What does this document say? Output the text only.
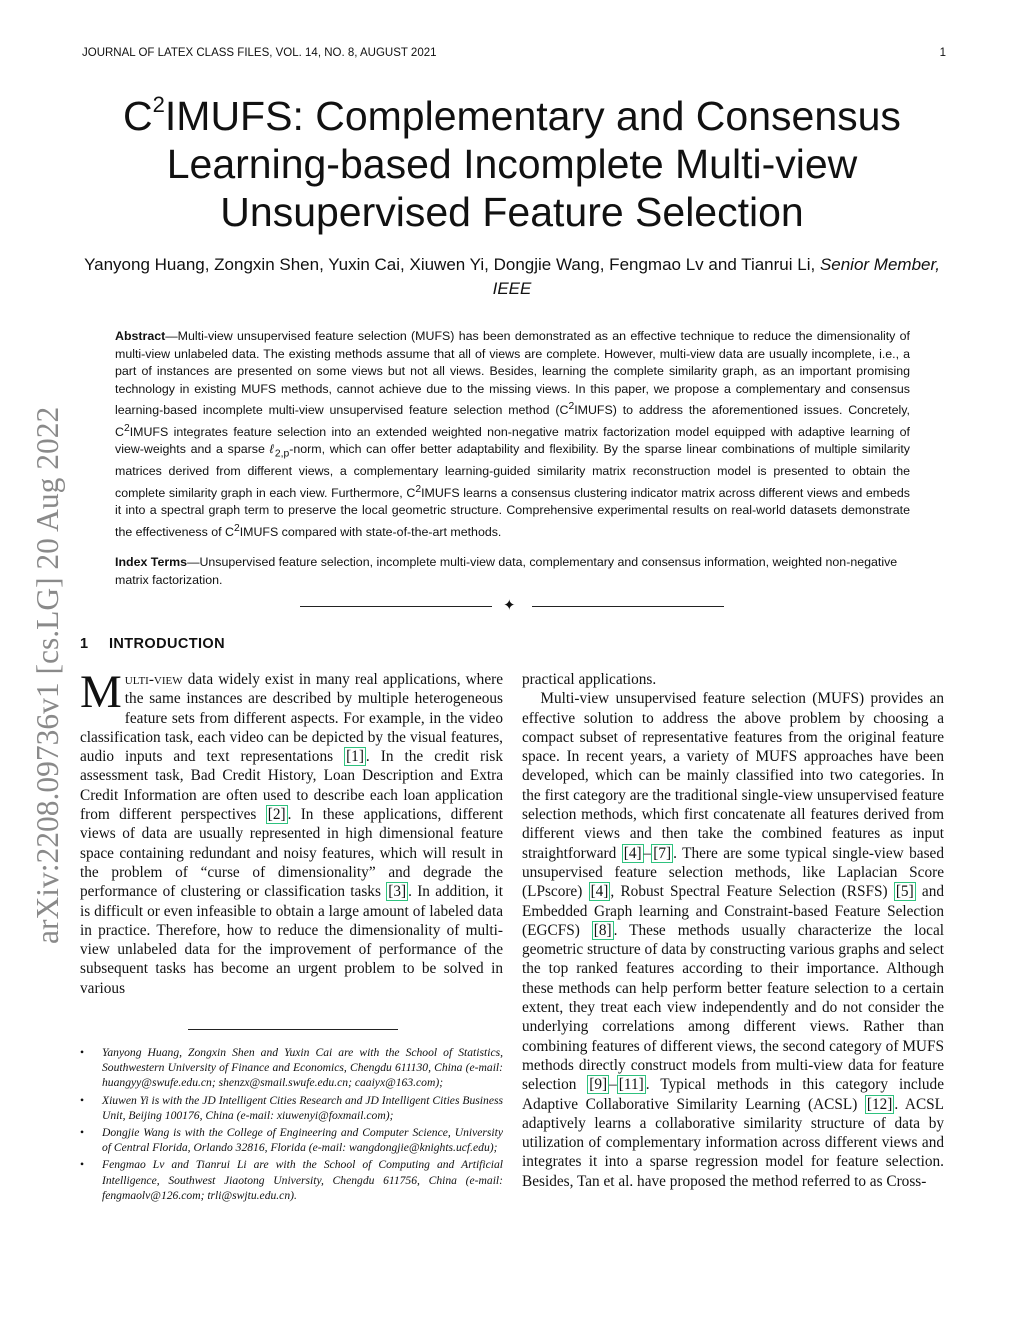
JOURNAL OF LATEX CLASS FILES, VOL. 14, NO. 8, AUGUST 2021	1
$C^2IMUFS$: Complementary and Consensus Learning-based Incomplete Multi-view Unsupervised Feature Selection
Yanyong Huang, Zongxin Shen, Yuxin Cai, Xiuwen Yi, Dongjie Wang, Fengmao Lv and Tianrui Li, Senior Member, IEEE

Abstract—Multi-view unsupervised feature selection (MUFS) has been demonstrated as an effective technique to reduce the dimensionality of multi-view unlabeled data. The existing methods assume that all of views are complete. However, multi-view data are usually incomplete, i.e., a part of instances are presented on some views but not all views. Besides, learning the complete similarity graph, as an important promising technology in existing MUFS methods, cannot achieve due to the missing views. In this paper, we propose a complementary and consensus learning-based incomplete multi-view unsupervised feature selection method $(C^2IMUFS)$ to address the aforementioned issues. Concretely, $C^2IMUFS$ integrates feature selection into an extended weighted non-negative matrix factorization model equipped with adaptive learning of view-weights and a sparse ℓ$_{2,p}$-norm, which can offer better adaptability and flexibility. By the sparse linear combinations of multiple similarity matrices derived from different views, a complementary learning-guided similarity matrix reconstruction model is presented to obtain the complete similarity graph in each view. Furthermore, $C^2IMUFS$ learns a consensus clustering indicator matrix across different views and embeds it into a spectral graph term to preserve the local geometric structure. Comprehensive experimental results on real-world datasets demonstrate the effectiveness of $C^2IMUFS$ compared with state-of-the-art methods.

Index Terms—Unsupervised feature selection, incomplete multi-view data, complementary and consensus information, weighted non-negative matrix factorization.

✦
1 INTRODUCTION

Multi-view data widely exist in many real applications, where the same instances are described by multiple heterogeneous feature sets from different aspects. For example, in the video classification task, each video can be depicted by the visual features, audio inputs and text representations [1] . In the credit risk assessment task, Bad Credit History, Loan Description and Extra Credit Information are often used to describe each loan application from different perspectives [2] . In these applications, different views of data are usually represented in high dimensional feature space containing redundant and noisy features, which will result in the problem of “curse of dimensionality” and degrade the performance of clustering or classification tasks [3] . In addition, it is difficult or even infeasible to obtain a large amount of labeled data in practice. Therefore, how to reduce the dimensionality of multi-view unlabeled data for the improvement of performance of the subsequent tasks has become an urgent problem to be solved in various

practical applications.

Multi-view unsupervised feature selection (MUFS) provides an effective solution to address the above problem by choosing a compact subset of representative features from the original feature space. In recent years, a variety of MUFS approaches have been developed, which can be mainly classified into two categories. In the first category are the traditional single-view unsupervised feature selection methods, which first concatenate all features derived from different views and then take the combined features as input straightforward [4] – [7] . There are some typical single-view based unsupervised feature selection methods, like Laplacian Score (LPscore) [4] , Robust Spectral Feature Selection (RSFS) [5] and Embedded Graph learning and Constraint-based Feature Selection (EGCFS) [8] . These methods usually characterize the local geometric structure of data by constructing various graphs and select the top ranked features according to their importance. Although these methods can help perform better feature selection to a certain extent, they treat each view independently and do not consider the underlying correlations among different views. Rather than combining features of different views, the second category of MUFS methods directly construct models from multi-view data for feature selection [9] – [11] . Typical methods in this category include Adaptive Collaborative Similarity Learning (ACSL) [12] . ACSL adaptively learns a collaborative similarity structure of data by utilization of complementary information across different views and integrates it into a sparse regression model for feature selection. Besides, Tan et al. have proposed the method referred to as Cross-

• Yanyong Huang, Zongxin Shen and Yuxin Cai are with the School of Statistics, Southwestern University of Finance and Economics, Chengdu 611130, China (e-mail: huangyy@swufe.edu.cn; shenzx@smail.swufe.edu.cn; caaiyx@163.com);
• Xiuwen Yi is with the JD Intelligent Cities Research and JD Intelligent Cities Business Unit, Beijing 100176, China (e-mail: xiuwenyi@foxmail.com);
• Dongjie Wang is with the College of Engineering and Computer Science, University of Central Florida, Orlando 32816, Florida (e-mail: wangdongjie@knights.ucf.edu);
• Fengmao Lv and Tianrui Li are with the School of Computing and Artificial Intelligence, Southwest Jiaotong University, Chengdu 611756, China (e-mail: fengmaolv@126.com; trli@swjtu.edu.cn).
arXiv:2208.09736v1 [cs.LG] 20 Aug 2022
